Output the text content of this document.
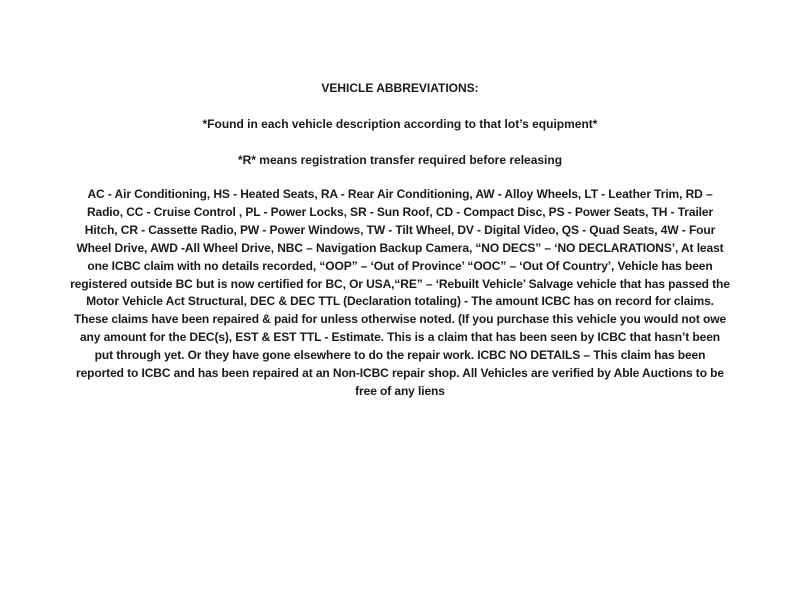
VEHICLE ABBREVIATIONS:

*Found in each vehicle description according to that lot’s equipment*

*R* means registration transfer required before releasing

AC - Air Conditioning, HS - Heated Seats, RA - Rear Air Conditioning, AW - Alloy Wheels, LT - Leather Trim, RD – Radio, CC - Cruise Control , PL - Power Locks, SR - Sun Roof, CD - Compact Disc, PS - Power Seats, TH - Trailer Hitch, CR - Cassette Radio, PW - Power Windows, TW - Tilt Wheel, DV - Digital Video, QS - Quad Seats, 4W - Four Wheel Drive, AWD -All Wheel Drive, NBC – Navigation Backup Camera, “NO DECS” – ‘NO DECLARATIONS’, At least one ICBC claim with no details recorded, “OOP” – ‘Out of Province’ “OOC” – ‘Out Of Country’, Vehicle has been registered outside BC but is now certified for BC, Or USA,“RE” – ‘Rebuilt Vehicle’ Salvage vehicle that has passed the Motor Vehicle Act Structural, DEC & DEC TTL (Declaration totaling) - The amount ICBC has on record for claims. These claims have been repaired & paid for unless otherwise noted. (If you purchase this vehicle you would not owe any amount for the DEC(s), EST & EST TTL - Estimate. This is a claim that has been seen by ICBC that hasn’t been put through yet. Or they have gone elsewhere to do the repair work. ICBC NO DETAILS – This claim has been reported to ICBC and has been repaired at an Non-ICBC repair shop. All Vehicles are verified by Able Auctions to be free of any liens
